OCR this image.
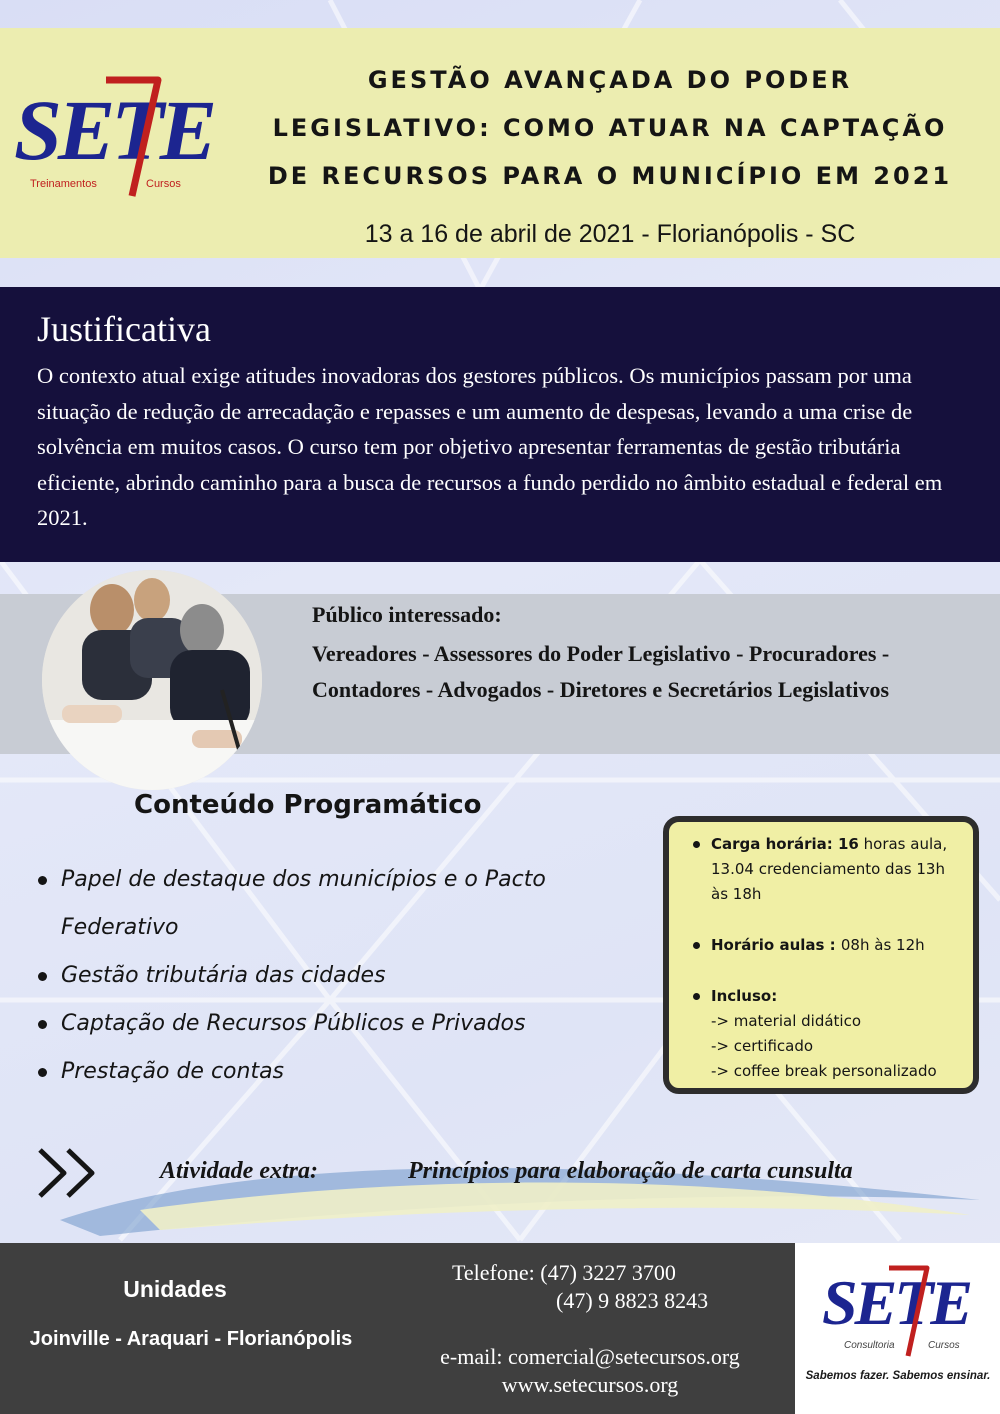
SETE
Treinamentos	Cursos
GESTÃO AVANÇADA DO PODER
LEGISLATIVO: COMO ATUAR NA CAPTAÇÃO
DE RECURSOS PARA O MUNICÍPIO EM 2021
13 a 16 de abril de 2021 - Florianópolis - SC
Justificativa
O contexto atual exige atitudes inovadoras dos gestores públicos. Os municípios passam por uma situação de redução de arrecadação e repasses e um aumento de despesas, levando a uma crise de solvência em muitos casos. O curso tem por objetivo apresentar ferramentas de gestão tributária eficiente, abrindo caminho para a busca de recursos a fundo perdido no âmbito estadual e federal em 2021.
Público interessado:
Vereadores - Assessores do Poder Legislativo - Procuradores - Contadores - Advogados - Diretores e Secretários Legislativos
Conteúdo Programático
Papel de destaque dos municípios e o Pacto Federativo
Gestão tributária das cidades
Captação de Recursos Públicos e Privados
Prestação de contas
Carga horária: 16 horas aula, 13.04 credenciamento das 13h às 18h
Horário aulas : 08h às 12h
Incluso:
-> material didático
-> certificado
-> coffee break personalizado
Atividade extra:	Princípios para elaboração de carta cunsulta
Unidades
Joinville - Araquari - Florianópolis
Telefone: (47) 3227 3700
(47) 9 8823 8243
e-mail: comercial@setecursos.org
www.setecursos.org
SETE
Consultoria	Cursos
Sabemos fazer. Sabemos ensinar.
